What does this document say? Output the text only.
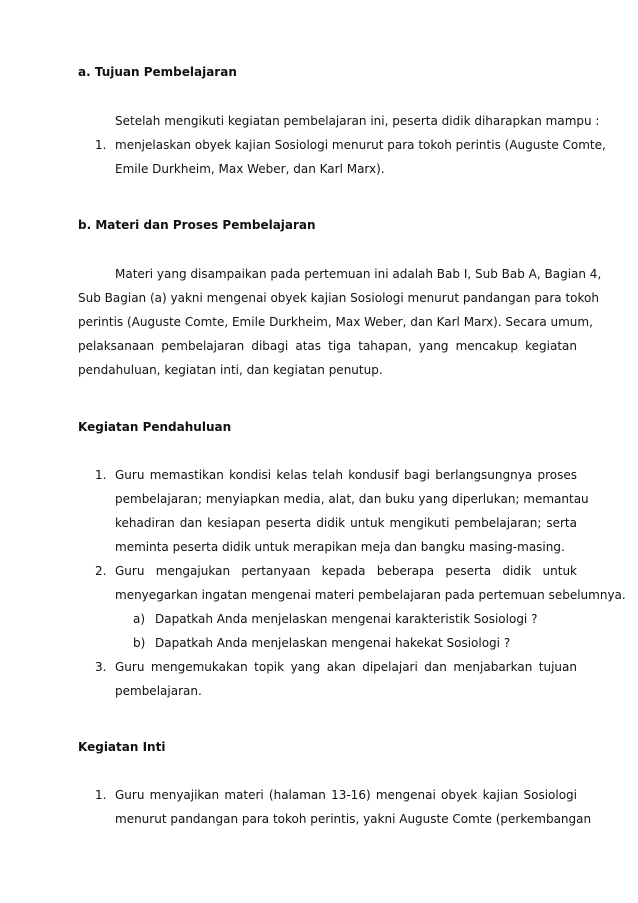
a. Tujuan Pembelajaran
Setelah mengikuti kegiatan pembelajaran ini, peserta didik diharapkan mampu :
1. menjelaskan obyek kajian Sosiologi menurut para tokoh perintis (Auguste Comte,
Emile Durkheim, Max Weber, dan Karl Marx).
b. Materi dan Proses Pembelajaran
Materi yang disampaikan pada pertemuan ini adalah Bab I, Sub Bab A, Bagian 4,
Sub Bagian (a) yakni mengenai obyek kajian Sosiologi menurut pandangan para tokoh
perintis (Auguste Comte, Emile Durkheim, Max Weber, dan Karl Marx). Secara umum,
pelaksanaan pembelajaran dibagi atas tiga tahapan, yang mencakup kegiatan
pendahuluan, kegiatan inti, dan kegiatan penutup.
Kegiatan Pendahuluan
1. Guru memastikan kondisi kelas telah kondusif bagi berlangsungnya proses
pembelajaran; menyiapkan media, alat, dan buku yang diperlukan; memantau
kehadiran dan kesiapan peserta didik untuk mengikuti pembelajaran; serta
meminta peserta didik untuk merapikan meja dan bangku masing-masing.
2. Guru mengajukan pertanyaan kepada beberapa peserta didik untuk
menyegarkan ingatan mengenai materi pembelajaran pada pertemuan sebelumnya.
a) Dapatkah Anda menjelaskan mengenai karakteristik Sosiologi ?
b) Dapatkah Anda menjelaskan mengenai hakekat Sosiologi ?
3. Guru mengemukakan topik yang akan dipelajari dan menjabarkan tujuan
pembelajaran.
Kegiatan Inti
1. Guru menyajikan materi (halaman 13-16) mengenai obyek kajian Sosiologi
menurut pandangan para tokoh perintis, yakni Auguste Comte (perkembangan
